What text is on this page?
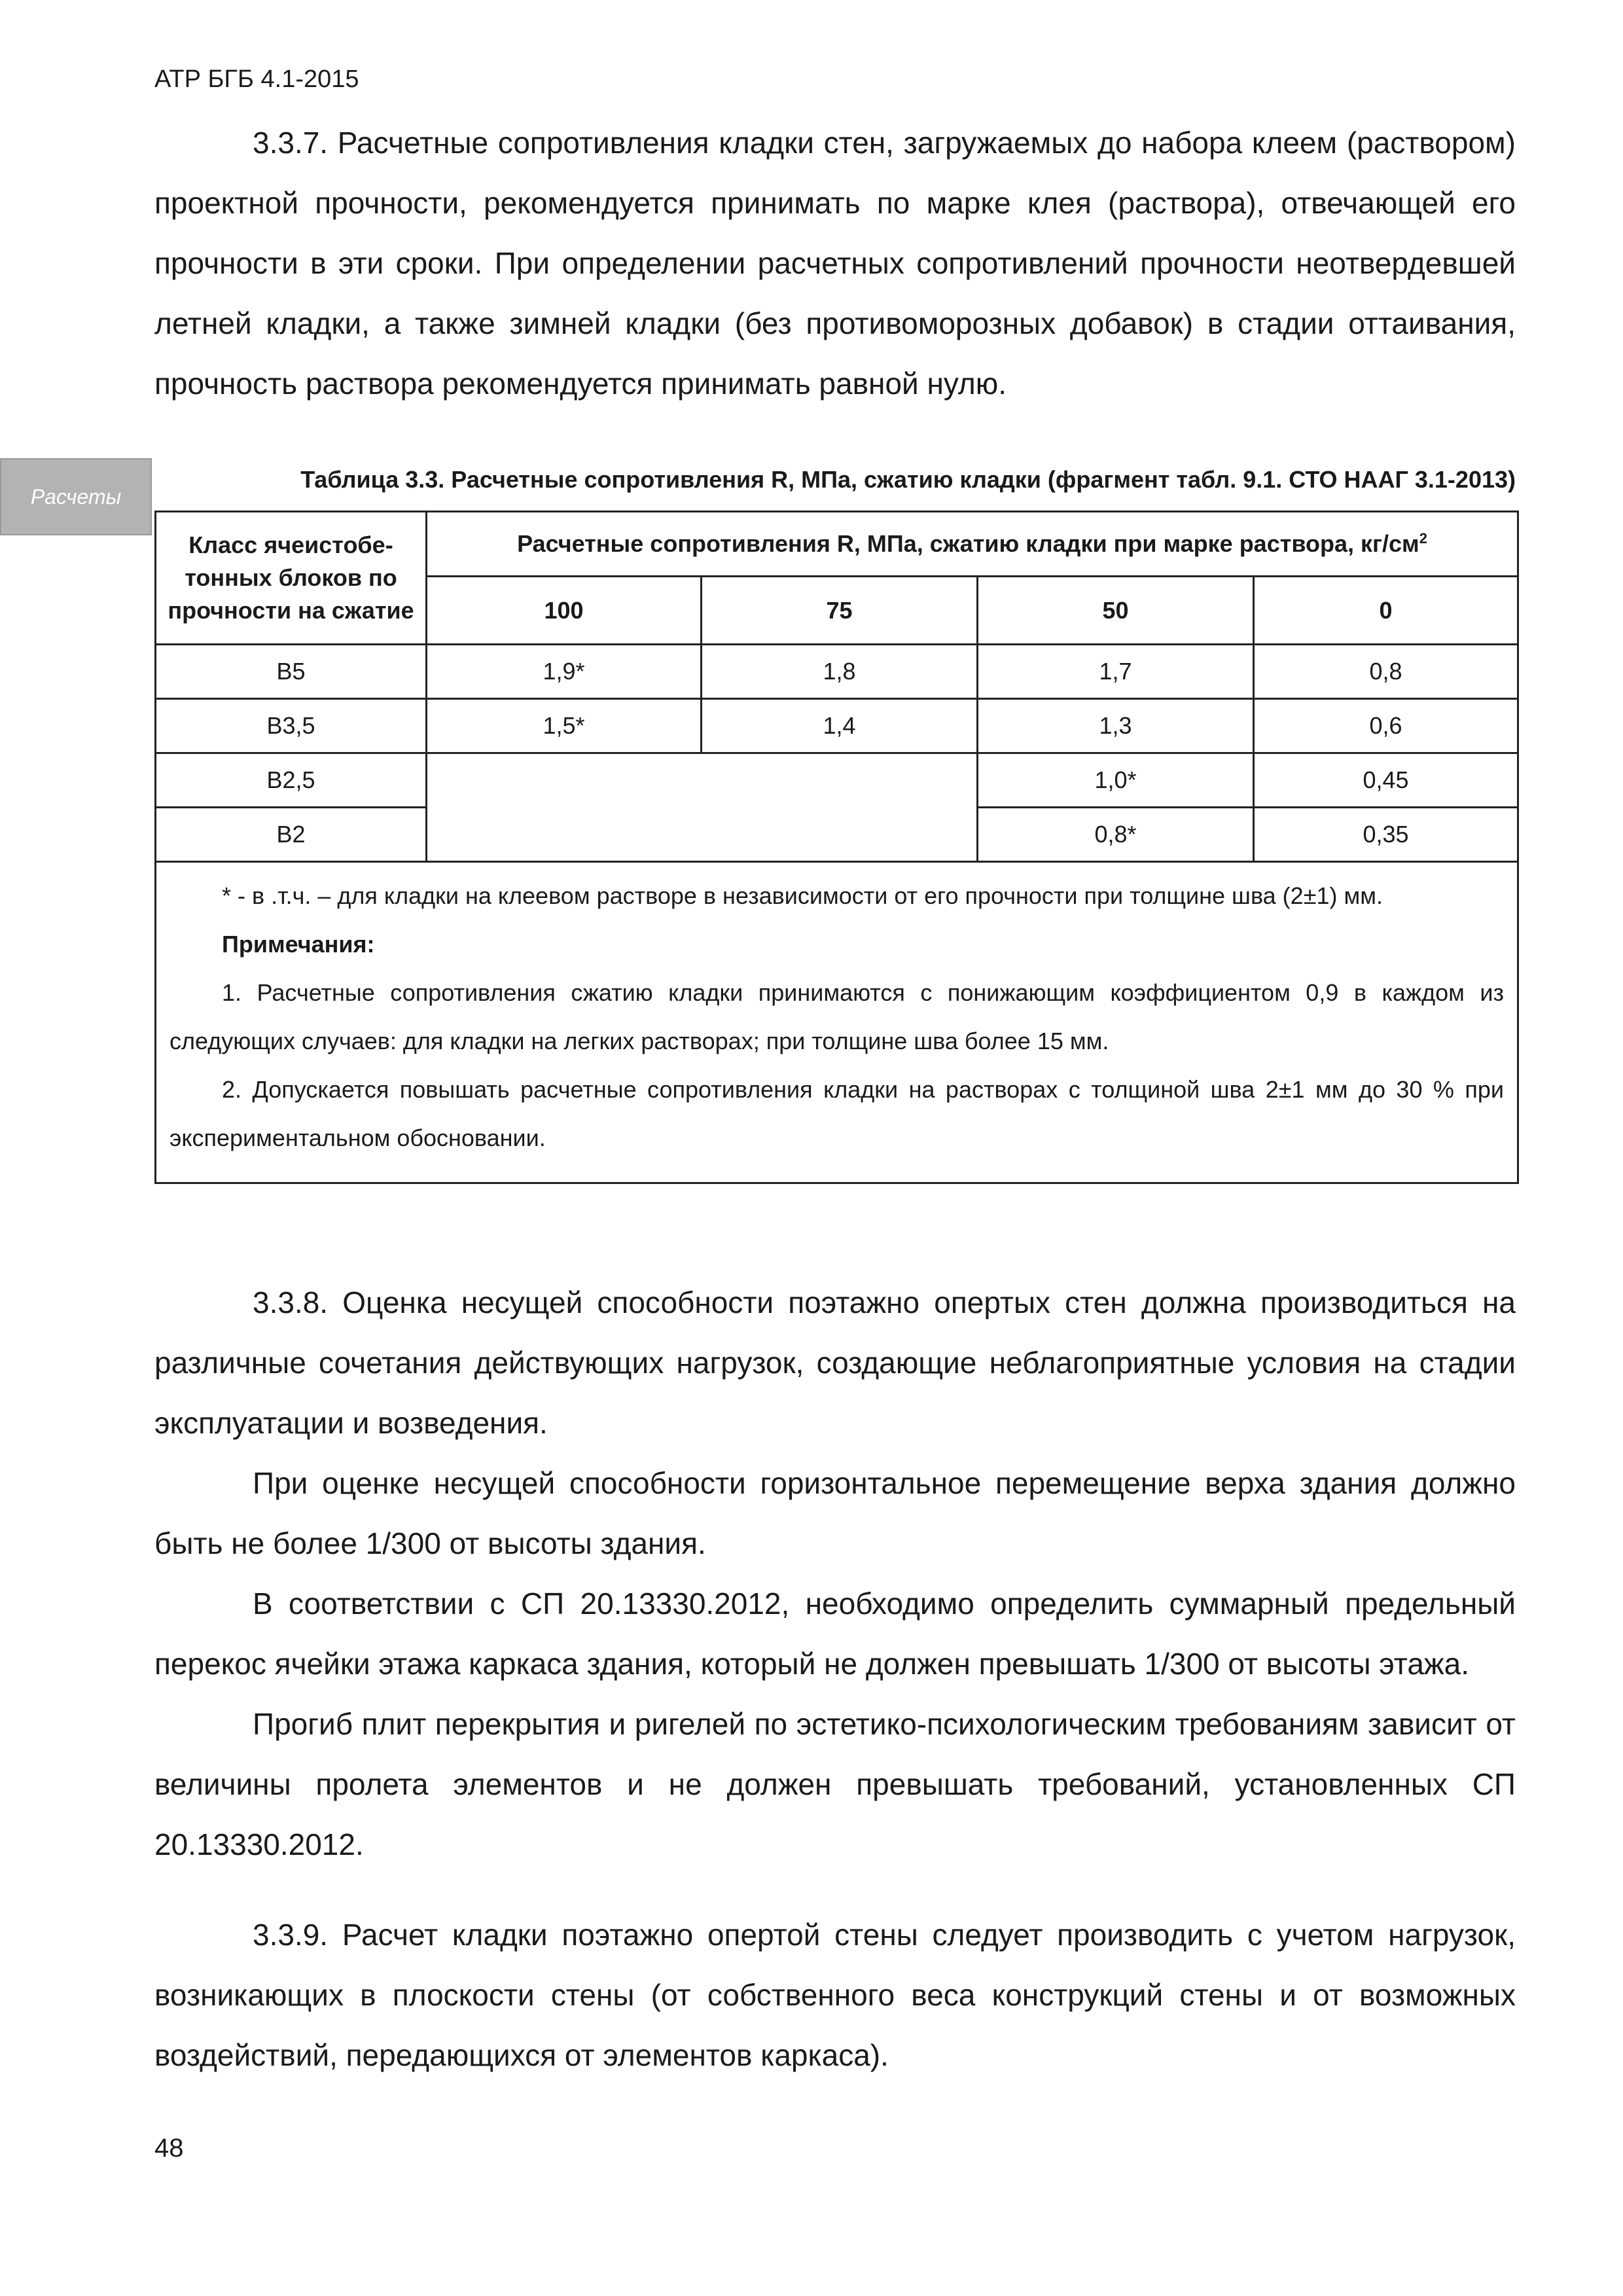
АТР БГБ 4.1-2015
Расчеты

3.3.7. Расчетные сопротивления кладки стен, загружаемых до набора клеем (раствором) проектной прочности, рекомендуется принимать по марке клея (раствора), отвечающей его прочности в эти сроки. При определении расчетных сопротивлений прочности неотвердевшей летней кладки, а также зимней кладки (без противоморозных добавок) в стадии оттаивания, прочность раствора рекомендуется принимать равной нулю.

Таблица 3.3. Расчетные сопротивления R, МПа, сжатию кладки (фрагмент табл. 9.1. СТО НААГ 3.1-2013)
Класс ячеистобе-тонных блоков по прочности на сжатие	Расчетные сопротивления R, МПа, сжатию кладки при марке раствора, $кг/см^2$
	100	75	50	0
В5	1,9*	1,8	1,7	0,8
В3,5	1,5*	1,4	1,3	0,6
В2,5			1,0*	0,45
В2			0,8*	0,35

* - в .т.ч. – для кладки на клеевом растворе в независимости от его прочности при толщине шва (2±1) мм.

Примечания:

1. Расчетные сопротивления сжатию кладки принимаются с понижающим коэффициентом 0,9 в каждом из следующих случаев: для кладки на легких растворах; при толщине шва более 15 мм.

2. Допускается повышать расчетные сопротивления кладки на растворах с толщиной шва 2±1 мм до 30 % при экспериментальном обосновании.				

3.3.8. Оценка несущей способности поэтажно опертых стен должна производиться на различные сочетания действующих нагрузок, создающие неблагоприятные условия на стадии эксплуатации и возведения.

При оценке несущей способности горизонтальное перемещение верха здания должно быть не более 1/300 от высоты здания.

В соответствии с СП 20.13330.2012, необходимо определить суммарный предельный перекос ячейки этажа каркаса здания, который не должен превышать 1/300 от высоты этажа.

Прогиб плит перекрытия и ригелей по эстетико-психологическим требованиям зависит от величины пролета элементов и не должен превышать требований, установленных СП 20.13330.2012.

3.3.9. Расчет кладки поэтажно опертой стены следует производить с учетом нагрузок, возникающих в плоскости стены (от собственного веса конструкций стены и от возможных воздействий, передающихся от элементов каркаса).

48
